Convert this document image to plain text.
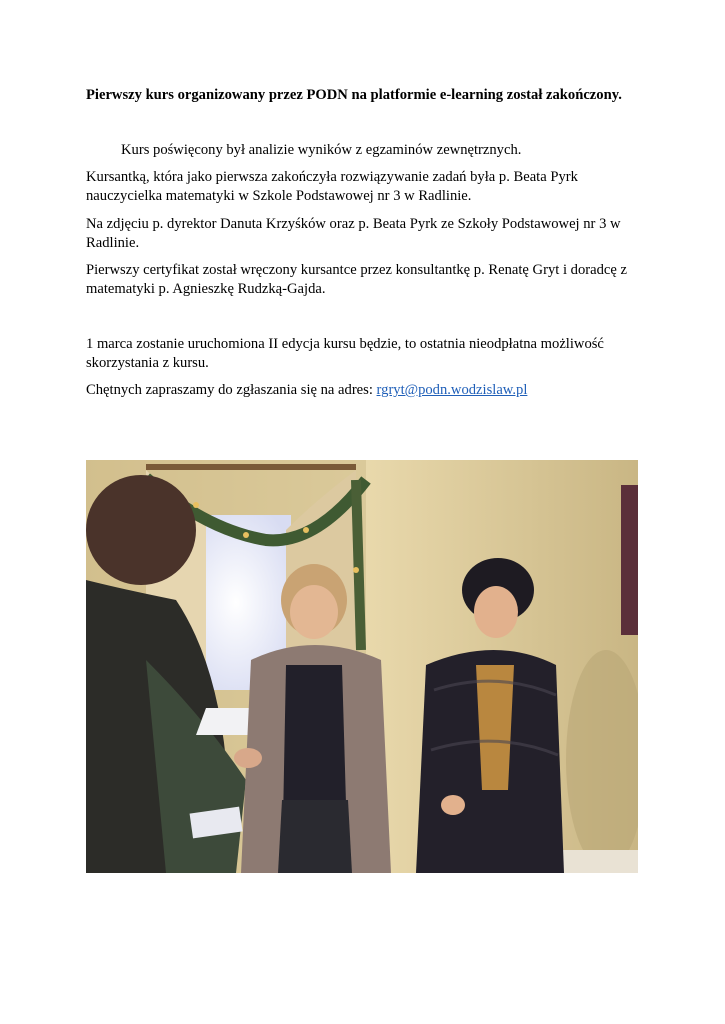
Pierwszy kurs organizowany przez PODN na platformie e-learning został zakończony.

Kurs poświęcony był analizie wyników z egzaminów zewnętrznych.

Kursantką, która jako pierwsza zakończyła rozwiązywanie zadań była p. Beata Pyrk nauczycielka matematyki w Szkole Podstawowej nr 3 w Radlinie.

Na zdjęciu p. dyrektor Danuta Krzyśków oraz p. Beata Pyrk ze Szkoły Podstawowej nr 3 w Radlinie.

Pierwszy certyfikat został wręczony kursantce przez konsultantkę p. Renatę Gryt i doradcę z matematyki p. Agnieszkę Rudzką-Gajda.

1 marca zostanie uruchomiona II edycja kursu będzie, to ostatnia nieodpłatna możliwość skorzystania z kursu.

Chętnych zapraszamy do zgłaszania się na adres: rgryt@podn.wodzislaw.pl
